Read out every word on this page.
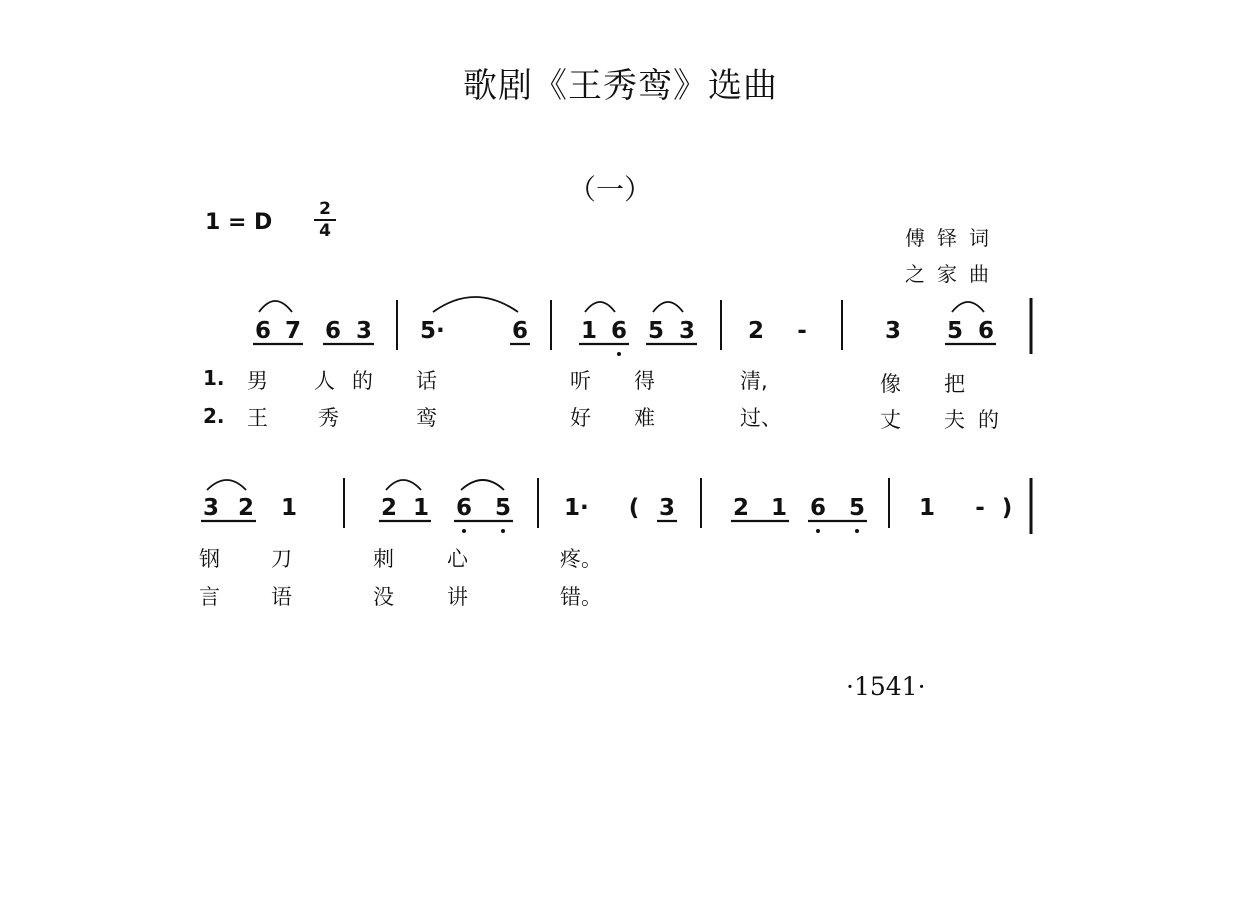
歌剧《王秀鸾》选曲
（一）
1 = D
2
4	傅铎词
之家曲
6 7 6 3 5·	6 1 6 5 3 2	-	3 5 6
1. 男 人 的 话	听 得	清,	像 把
2. 王 秀	鸾	好 难	过、	丈 夫 的
3 2 1	2 1 6 5 1·	( 3	2 1 6 5 1	- )
钢 刀	刺	心	疼。
言 语	没	讲	错。
·1541·
